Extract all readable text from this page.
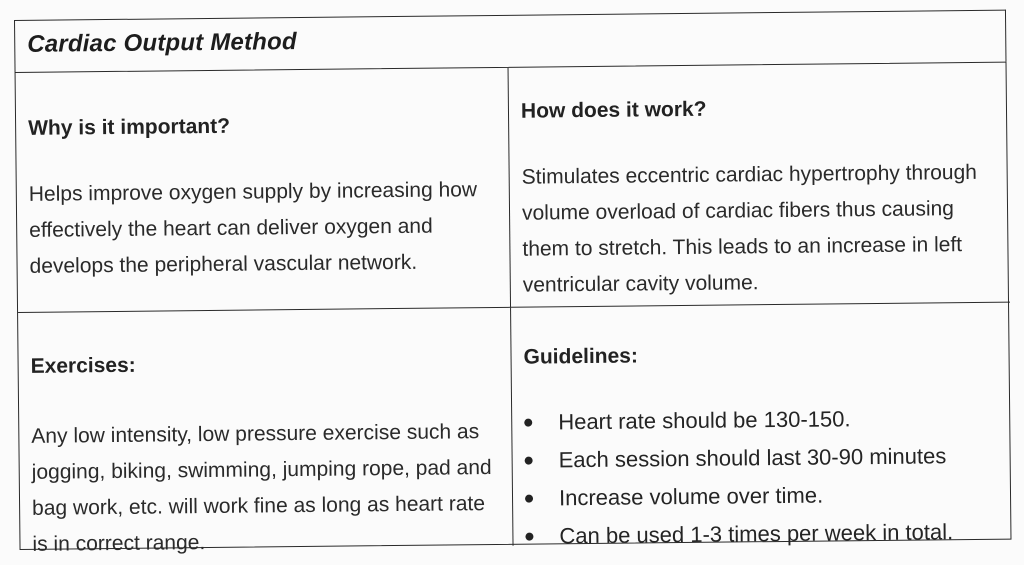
Cardiac Output Method
Why is it important?

Helps improve oxygen supply by increasing how effectively the heart can deliver oxygen and develops the peripheral vascular network.

How does it work?

Stimulates eccentric cardiac hypertrophy through volume overload of cardiac fibers thus causing them to stretch. This leads to an increase in left ventricular cavity volume.

Exercises:

Any low intensity, low pressure exercise such as jogging, biking, swimming, jumping rope, pad and bag work, etc. will work fine as long as heart rate is in correct range.

Guidelines:
Heart rate should be 130-150.
Each session should last 30-90 minutes
Increase volume over time.
Can be used 1-3 times per week in total.
